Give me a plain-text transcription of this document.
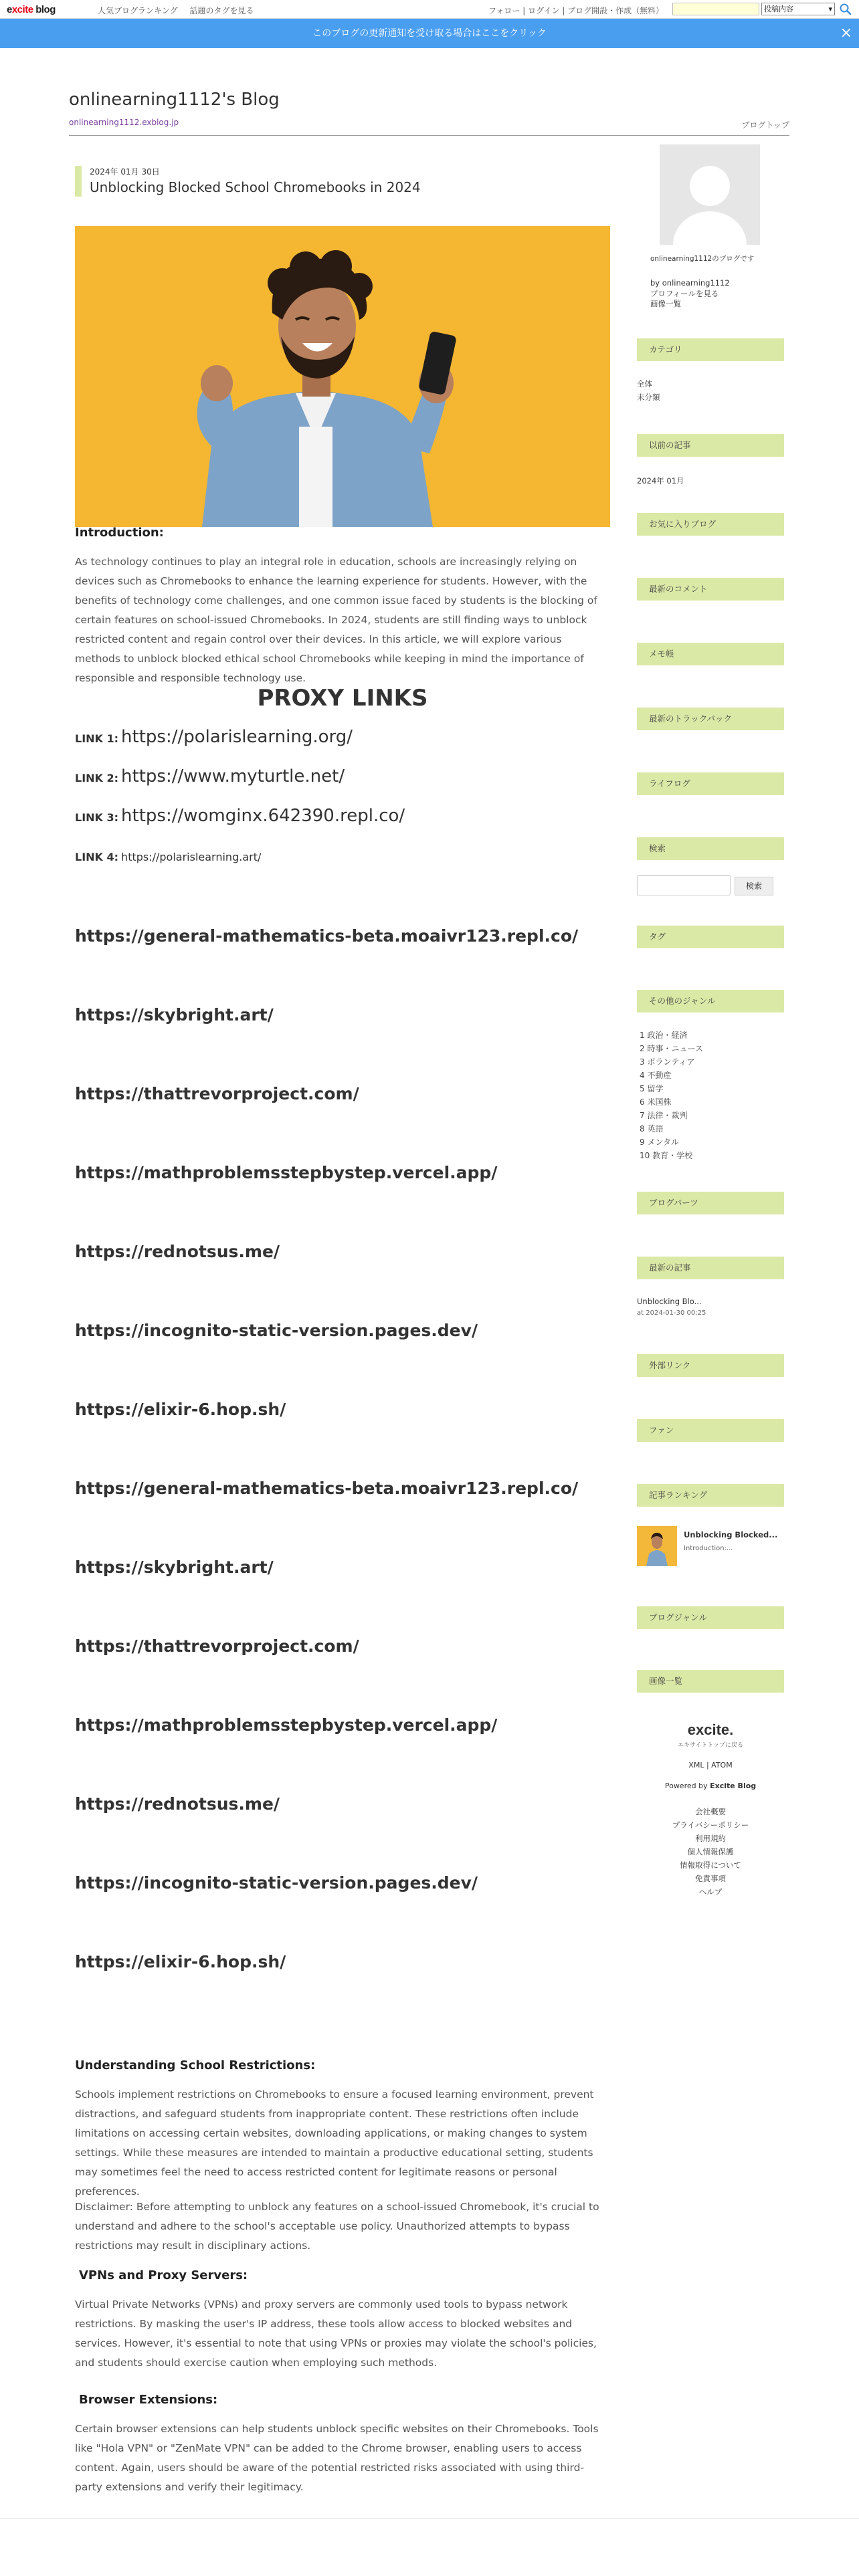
excite blog	人気ブログランキング 話題のタグを見る	フォロー | ログイン | ブログ開設・作成（無料）	投稿内容 ▾
このブログの更新通知を受け取る場合はここをクリック	×
onlinearning1112's Blog
onlinearning1112.exblog.jp	ブログトップ
2024年 01月 30日
Unblocking Blocked School Chromebooks in 2024
Introduction:
As technology continues to play an integral role in education, schools are increasingly relying on devices such as Chromebooks to enhance the learning experience for students. However, with the benefits of technology come challenges, and one common issue faced by students is the blocking of certain features on school-issued Chromebooks. In 2024, students are still finding ways to unblock restricted content and regain control over their devices. In this article, we will explore various methods to unblock blocked ethical school Chromebooks while keeping in mind the importance of responsible and responsible technology use.
PROXY LINKS
LINK 1: https://polarislearning.org/
LINK 2: https://www.myturtle.net/
LINK 3: https://womginx.642390.repl.co/
LINK 4: https://polarislearning.art/
https://general-mathematics-beta.moaivr123.repl.co/
https://skybright.art/
https://thattrevorproject.com/
https://mathproblemsstepbystep.vercel.app/
https://rednotsus.me/
https://incognito-static-version.pages.dev/
https://elixir-6.hop.sh/
https://general-mathematics-beta.moaivr123.repl.co/
https://skybright.art/
https://thattrevorproject.com/
https://mathproblemsstepbystep.vercel.app/
https://rednotsus.me/
https://incognito-static-version.pages.dev/
https://elixir-6.hop.sh/
Understanding School Restrictions:
Schools implement restrictions on Chromebooks to ensure a focused learning environment, prevent distractions, and safeguard students from inappropriate content. These restrictions often include limitations on accessing certain websites, downloading applications, or making changes to system settings. While these measures are intended to maintain a productive educational setting, students may sometimes feel the need to access restricted content for legitimate reasons or personal preferences.
Disclaimer: Before attempting to unblock any features on a school-issued Chromebook, it's crucial to understand and adhere to the school's acceptable use policy. Unauthorized attempts to bypass restrictions may result in disciplinary actions.
VPNs and Proxy Servers:
Virtual Private Networks (VPNs) and proxy servers are commonly used tools to bypass network restrictions. By masking the user's IP address, these tools allow access to blocked websites and services. However, it's essential to note that using VPNs or proxies may violate the school's policies, and students should exercise caution when employing such methods.
Browser Extensions:
Certain browser extensions can help students unblock specific websites on their Chromebooks. Tools like "Hola VPN" or "ZenMate VPN" can be added to the Chrome browser, enabling users to access content. Again, users should be aware of the potential restricted risks associated with using third-party extensions and verify their legitimacy.
onlinearning1112のブログです
by onlinearning1112
プロフィールを見る
画像一覧
カテゴリ
全体
未分類
以前の記事
2024年 01月
お気に入りブログ
最新のコメント
メモ帳
最新のトラックバック
ライフログ
検索
検索
タグ
その他のジャンル
1 政治・経済
2 時事・ニュース
3 ボランティア
4 不動産
5 留学
6 米国株
7 法律・裁判
8 英語
9 メンタル
10 教育・学校
ブログパーツ
最新の記事
Unblocking Blo...
at 2024-01-30 00:25
外部リンク
ファン
記事ランキング
Unblocking Blocked...
Introduction:...
ブログジャンル
画像一覧
excite.
エキサイトトップに戻る
XML | ATOM
Powered by Excite Blog
会社概要
プライバシーポリシー
利用規約
個人情報保護
情報取得について
免責事項
ヘルプ
